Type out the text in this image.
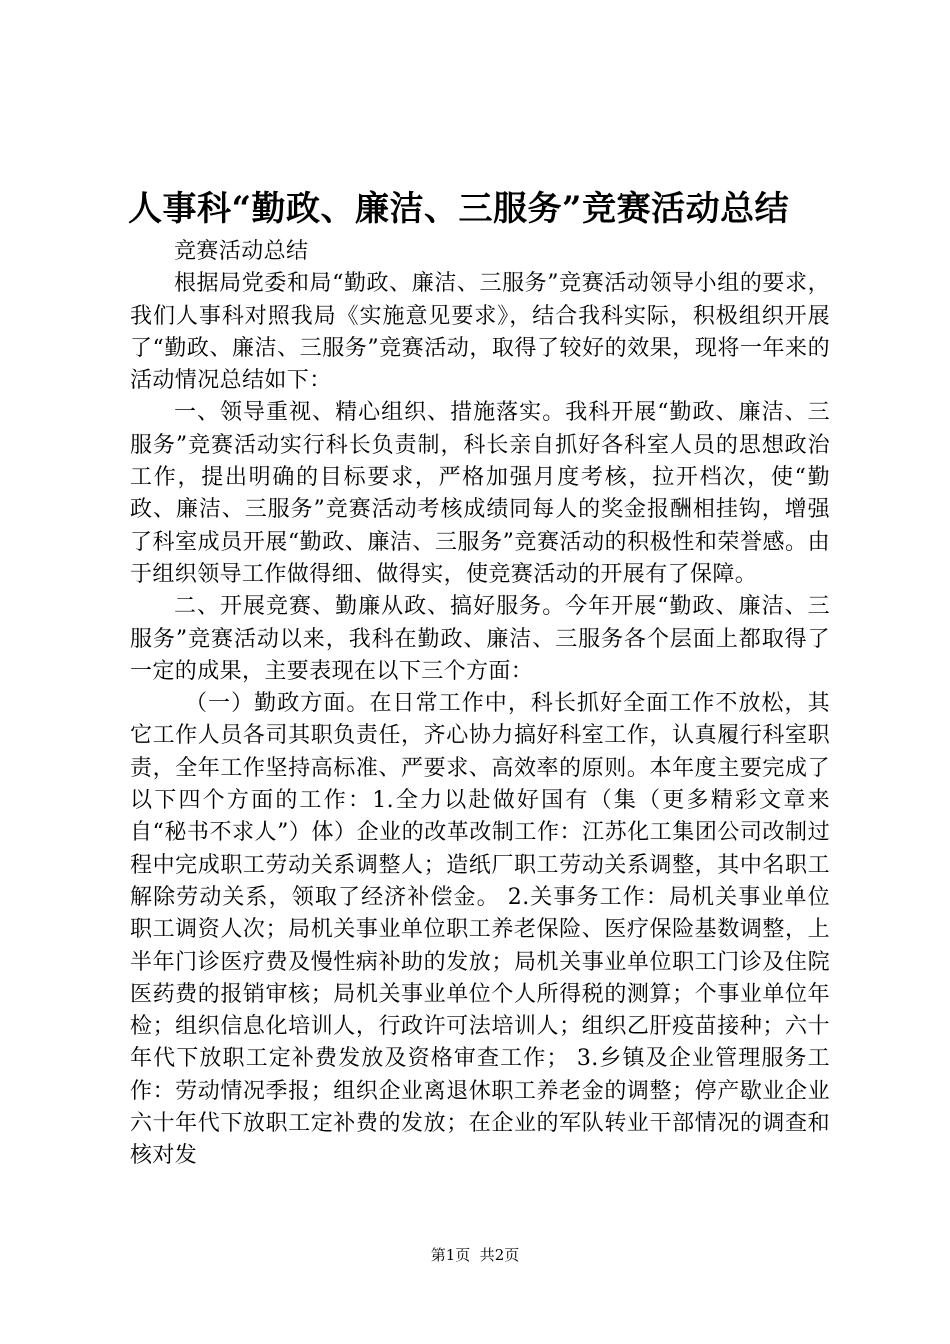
人事科“勤政、廉洁、三服务”竞赛活动总结

竞赛活动总结

根据局党委和局“勤政、廉洁、三服务”竞赛活动领导小组的要求，我们人事科对照我局《实施意见要求》，结合我科实际，积极组织开展了“勤政、廉洁、三服务”竞赛活动，取得了较好的效果，现将一年来的活动情况总结如下：

一、领导重视、精心组织、措施落实。我科开展“勤政、廉洁、三服务”竞赛活动实行科长负责制，科长亲自抓好各科室人员的思想政治工作，提出明确的目标要求，严格加强月度考核，拉开档次，使“勤政、廉洁、三服务”竞赛活动考核成绩同每人的奖金报酬相挂钩，增强了科室成员开展“勤政、廉洁、三服务”竞赛活动的积极性和荣誉感。由于组织领导工作做得细、做得实，使竞赛活动的开展有了保障。

二、开展竞赛、勤廉从政、搞好服务。今年开展“勤政、廉洁、三服务”竞赛活动以来，我科在勤政、廉洁、三服务各个层面上都取得了一定的成果，主要表现在以下三个方面：

（一）勤政方面。在日常工作中，科长抓好全面工作不放松，其它工作人员各司其职负责任，齐心协力搞好科室工作，认真履行科室职责，全年工作坚持高标准、严要求、高效率的原则。本年度主要完成了以下四个方面的工作：1.全力以赴做好国有（集（更多精彩文章来自“秘书不求人”）体）企业的改革改制工作：江苏化工集团公司改制过程中完成职工劳动关系调整人；造纸厂职工劳动关系调整，其中名职工解除劳动关系，领取了经济补偿金。 2.关事务工作：局机关事业单位职工调资人次；局机关事业单位职工养老保险、医疗保险基数调整，上半年门诊医疗费及慢性病补助的发放；局机关事业单位职工门诊及住院医药费的报销审核；局机关事业单位个人所得税的测算；个事业单位年检；组织信息化培训人，行政许可法培训人；组织乙肝疫苗接种；六十年代下放职工定补费发放及资格审查工作； 3.乡镇及企业管理服务工作：劳动情况季报；组织企业离退休职工养老金的调整；停产歇业企业六十年代下放职工定补费的发放；在企业的军队转业干部情况的调查和核对发

第1页  共2页
